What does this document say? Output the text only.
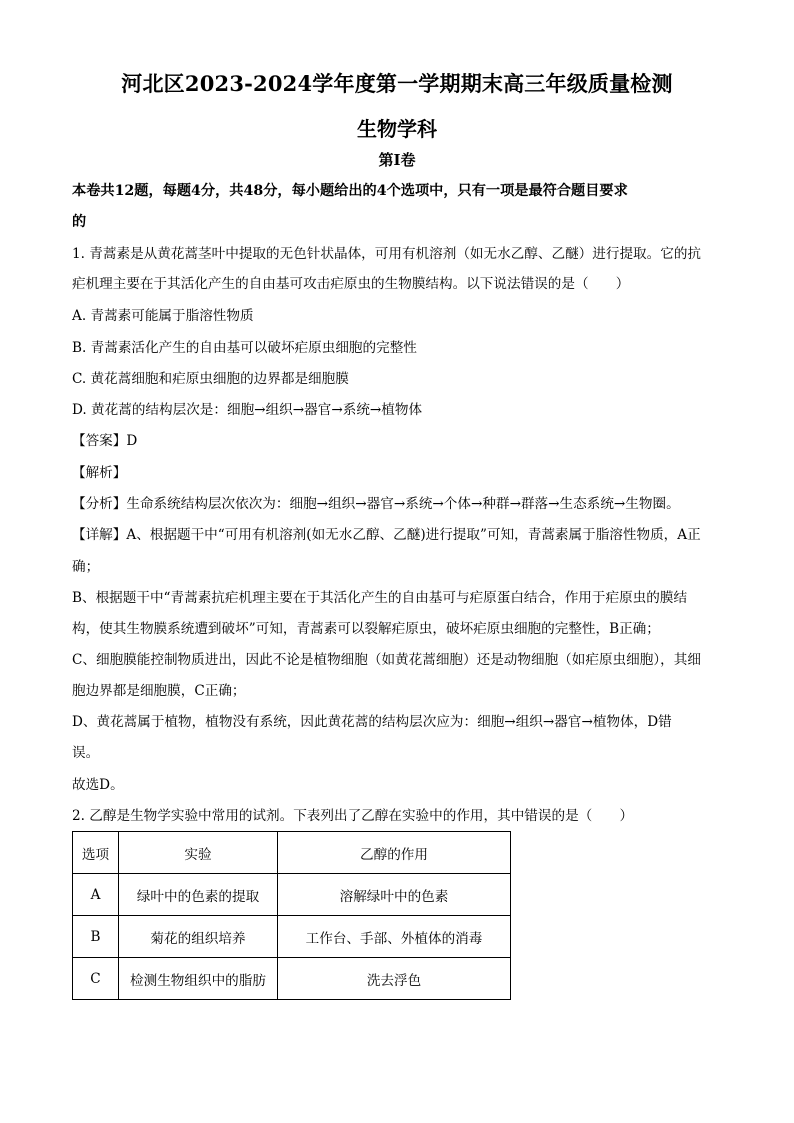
河北区2023-2024学年度第一学期期末高三年级质量检测
生物学科
第Ⅰ卷
本卷共12题，每题4分，共48分，每小题给出的4个选项中，只有一项是最符合题目要求
的
1. 青蒿素是从黄花蒿茎叶中提取的无色针状晶体，可用有机溶剂（如无水乙醇、乙醚）进行提取。它的抗
疟机理主要在于其活化产生的自由基可攻击疟原虫的生物膜结构。以下说法错误的是（　　）
A. 青蒿素可能属于脂溶性物质
B. 青蒿素活化产生的自由基可以破坏疟原虫细胞的完整性
C. 黄花蒿细胞和疟原虫细胞的边界都是细胞膜
D. 黄花蒿的结构层次是：细胞→组织→器官→系统→植物体
【答案】D
【解析】
【分析】生命系统结构层次依次为：细胞→组织→器官→系统→个体→种群→群落→生态系统→生物圈。
【详解】A、根据题干中“可用有机溶剂(如无水乙醇、乙醚)进行提取”可知，青蒿素属于脂溶性物质，A正
确；
B、根据题干中“青蒿素抗疟机理主要在于其活化产生的自由基可与疟原蛋白结合，作用于疟原虫的膜结
构，使其生物膜系统遭到破坏”可知，青蒿素可以裂解疟原虫，破坏疟原虫细胞的完整性，B正确；
C、细胞膜能控制物质进出，因此不论是植物细胞（如黄花蒿细胞）还是动物细胞（如疟原虫细胞），其细
胞边界都是细胞膜，C正确；
D、黄花蒿属于植物，植物没有系统，因此黄花蒿的结构层次应为：细胞→组织→器官→植物体，D错
误。
故选D。
2. 乙醇是生物学实验中常用的试剂。下表列出了乙醇在实验中的作用，其中错误的是（　　）
选项	实验	乙醇的作用
A	绿叶中的色素的提取	溶解绿叶中的色素
B	菊花的组织培养	工作台、手部、外植体的消毒
C	检测生物组织中的脂肪	洗去浮色
